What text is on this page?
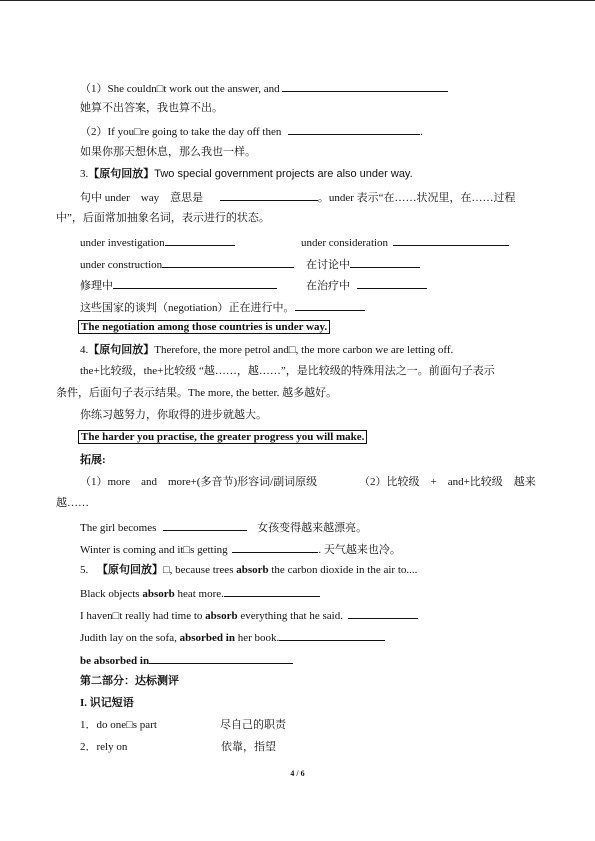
（1）She couldn□t work out the answer, and
她算不出答案，我也算不出。
（2）If you□re going to take the day off then	.
如果你那天想休息，那么我也一样。
3.【原句回放】Two special government projects are also under way.
句中 under　way　意思是	。under 表示“在……状况里，在……过程
中”，后面常加抽象名词，表示进行的状态。
under investigation	under consideration
under construction	在讨论中
修理中	在治疗中
这些国家的谈判（negotiation）正在进行中。
The negotiation among those countries is under way.
4.【原句回放】Therefore, the more petrol and□, the more carbon we are letting off.
the+比较级，the+比较级 “越……，越……”，是比较级的特殊用法之一。前面句子表示
条件，后面句子表示结果。The more, the better. 越多越好。
你练习越努力，你取得的进步就越大。
The harder you practise, the greater progress you will make.
拓展:
（1）more　and　more+(多音节)形容词/副词原级	（2）比较级　+　and+比较级　越来
越……
The girl becomes	女孩变得越来越漂亮。
Winter is coming and it□s getting	. 天气越来也冷。
5. 【原句回放】□, because trees absorb the carbon dioxide in the air to....
Black objects absorb heat more.
I haven□t really had time to absorb everything that he said.
Judith lay on the sofa, absorbed in her book.
be absorbed in
第二部分：达标测评
I. 识记短语
1．do one□s part	尽自己的职责
2．rely on	依靠，指望
4 / 6
